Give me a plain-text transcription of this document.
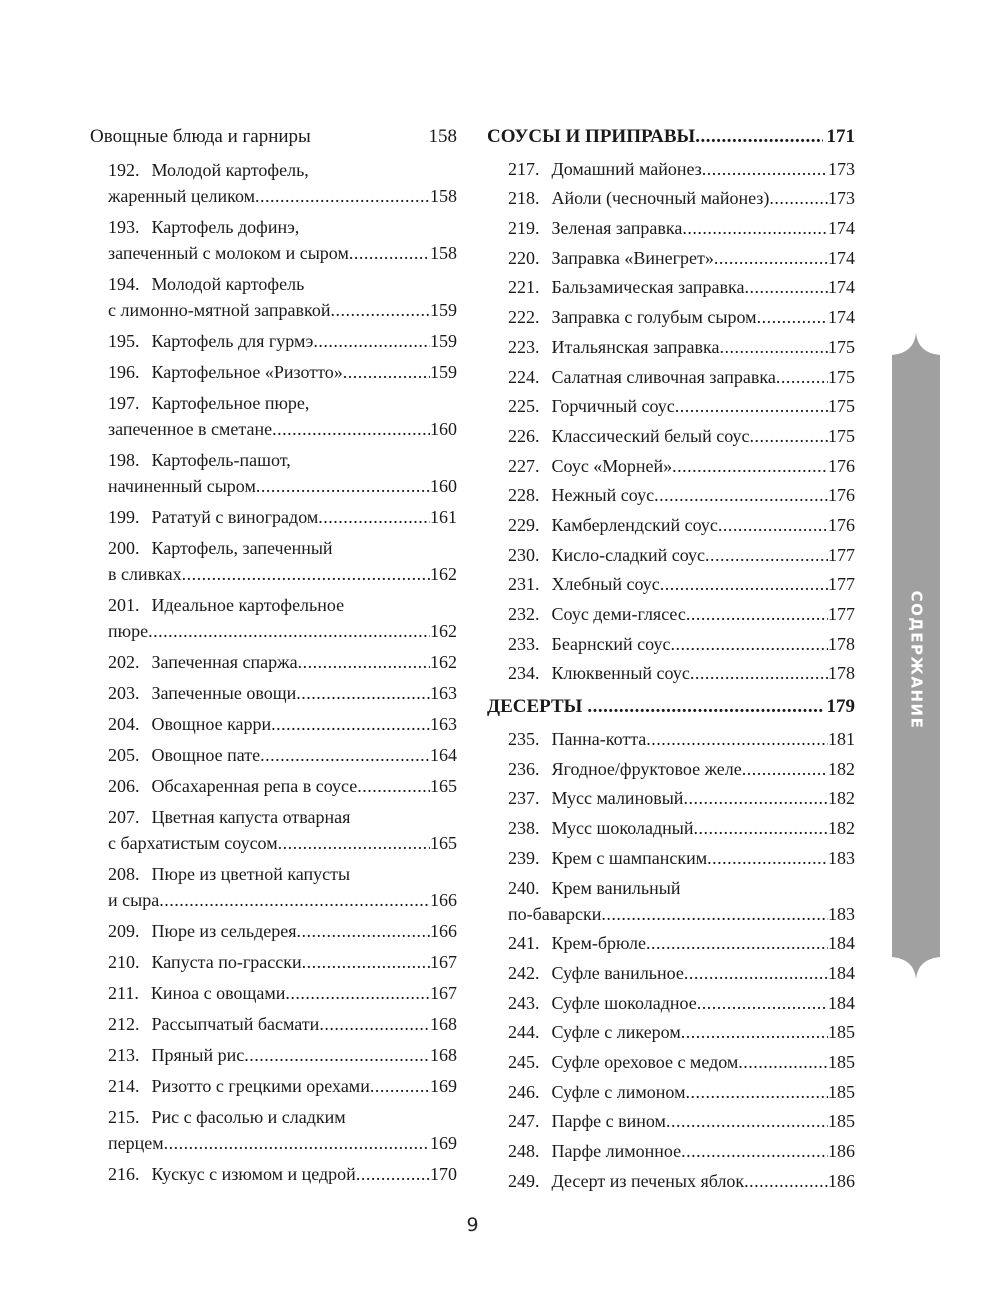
Овощные блюда и гарниры	158
192. Молодой картофель,
жаренный целиком .....	158
193. Картофель дофинэ,
запеченный с молоком и сыром .....	158
194. Молодой картофель
с лимонно-мятной заправкой .....	159
195. Картофель для гурмэ .....	159
196. Картофельное «Ризотто» .....	159
197. Картофельное пюре,
запеченное в сметане .....	160
198. Картофель-пашот,
начиненный сыром .....	160
199. Рататуй с виноградом .....	161
200. Картофель, запеченный
в сливках .....	162
201. Идеальное картофельное
пюре .....	162
202. Запеченная спаржа .....	162
203. Запеченные овощи .....	163
204. Овощное карри .....	163
205. Овощное пате .....	164
206. Обсахаренная репа в соусе .....	165
207. Цветная капуста отварная
с бархатистым соусом .....	165
208. Пюре из цветной капусты
и сыра .....	166
209. Пюре из сельдерея .....	166
210. Капуста по-грасски .....	167
211. Киноа с овощами .....	167
212. Рассыпчатый басмати .....	168
213. Пряный рис .....	168
214. Ризотто с грецкими орехами .....	169
215. Рис с фасолью и сладким
перцем .....	169
216. Кускус с изюмом и цедрой .....	170
СОУСЫ И ПРИПРАВЫ .....	171
217. Домашний майонез .....	173
218. Айоли (чесночный майонез) .....	173
219. Зеленая заправка .....	174
220. Заправка «Винегрет» .....	174
221. Бальзамическая заправка .....	174
222. Заправка с голубым сыром .....	174
223. Итальянская заправка .....	175
224. Салатная сливочная заправка .....	175
225. Горчичный соус .....	175
226. Классический белый соус .....	175
227. Соус «Морней» .....	176
228. Нежный соус .....	176
229. Камберлендский соус .....	176
230. Кисло-сладкий соус .....	177
231. Хлебный соус .....	177
232. Соус деми-глясес .....	177
233. Беарнский соус .....	178
234. Клюквенный соус .....	178
ДЕСЕРТЫ .....	179
235. Панна-котта .....	181
236. Ягодное/фруктовое желе .....	182
237. Мусс малиновый .....	182
238. Мусс шоколадный .....	182
239. Крем с шампанским .....	183
240. Крем ванильный
по-баварски .....	183
241. Крем-брюле .....	184
242. Суфле ванильное .....	184
243. Суфле шоколадное .....	184
244. Суфле с ликером .....	185
245. Суфле ореховое с медом .....	185
246. Суфле с лимоном .....	185
247. Парфе с вином .....	185
248. Парфе лимонное .....	186
249. Десерт из печеных яблок .....	186
СОДЕРЖАНИЕ
9
